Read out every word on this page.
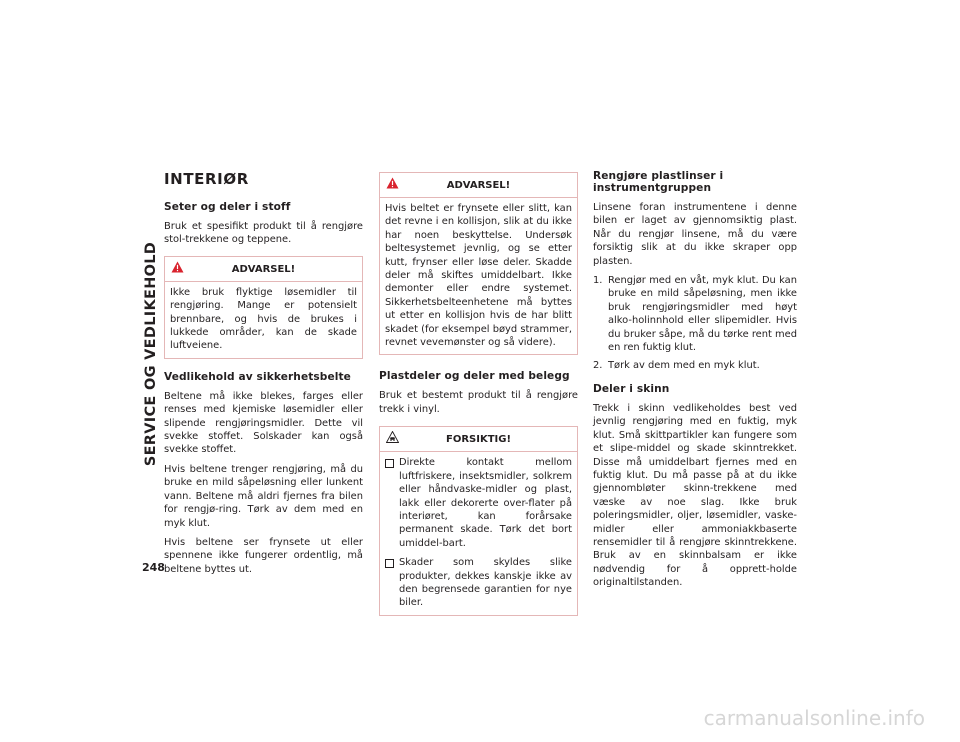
SERVICE OG VEDLIKEHOLD
248
INTERIØR
Seter og deler i stoff

Bruk et spesifikt produkt til å rengjøre stol-trekkene og teppene.

ADVARSEL!

Ikke bruk flyktige løsemidler til rengjøring. Mange er potensielt brennbare, og hvis de brukes i lukkede områder, kan de skade luftveiene.

Vedlikehold av sikkerhetsbelte

Beltene må ikke blekes, farges eller renses med kjemiske løsemidler eller slipende rengjøringsmidler. Dette vil svekke stoffet. Solskader kan også svekke stoffet.

Hvis beltene trenger rengjøring, må du bruke en mild såpeløsning eller lunkent vann. Beltene må aldri fjernes fra bilen for rengjø-ring. Tørk av dem med en myk klut.

Hvis beltene ser frynsete ut eller spennene ikke fungerer ordentlig, må beltene byttes ut.

ADVARSEL!

Hvis beltet er frynsete eller slitt, kan det revne i en kollisjon, slik at du ikke har noen beskyttelse. Undersøk beltesystemet jevnlig, og se etter kutt, frynser eller løse deler. Skadde deler må skiftes umiddelbart. Ikke demonter eller endre systemet. Sikkerhetsbelteenhetene må byttes ut etter en kollisjon hvis de har blitt skadet (for eksempel bøyd strammer, revnet vevemønster og så videre).

Plastdeler og deler med belegg

Bruk et bestemt produkt til å rengjøre trekk i vinyl.

FORSIKTIG!

Direkte kontakt mellom luftfriskere, insektsmidler, solkrem eller håndvaske-midler og plast, lakk eller dekorerte over-flater på interiøret, kan forårsake permanent skade. Tørk det bort umiddel-bart.

Skader som skyldes slike produkter, dekkes kanskje ikke av den begrensede garantien for nye biler.

Rengjøre plastlinser i instrumentgruppen

Linsene foran instrumentene i denne bilen er laget av gjennomsiktig plast. Når du rengjør linsene, må du være forsiktig slik at du ikke skraper opp plasten.

1. Rengjør med en våt, myk klut. Du kan bruke en mild såpeløsning, men ikke bruk rengjøringsmidler med høyt alko-holinnhold eller slipemidler. Hvis du bruker såpe, må du tørke rent med en ren fuktig klut.

2. Tørk av dem med en myk klut.

Deler i skinn

Trekk i skinn vedlikeholdes best ved jevnlig rengjøring med en fuktig, myk klut. Små skittpartikler kan fungere som et slipe-middel og skade skinntrekket. Disse må umiddelbart fjernes med en fuktig klut. Du må passe på at du ikke gjennombløter skinn-trekkene med væske av noe slag. Ikke bruk poleringsmidler, oljer, løsemidler, vaske-midler eller ammoniakkbaserte rensemidler til å rengjøre skinntrekkene. Bruk av en skinnbalsam er ikke nødvendig for å opprett-holde originaltilstanden.

carmanualsonline.info
